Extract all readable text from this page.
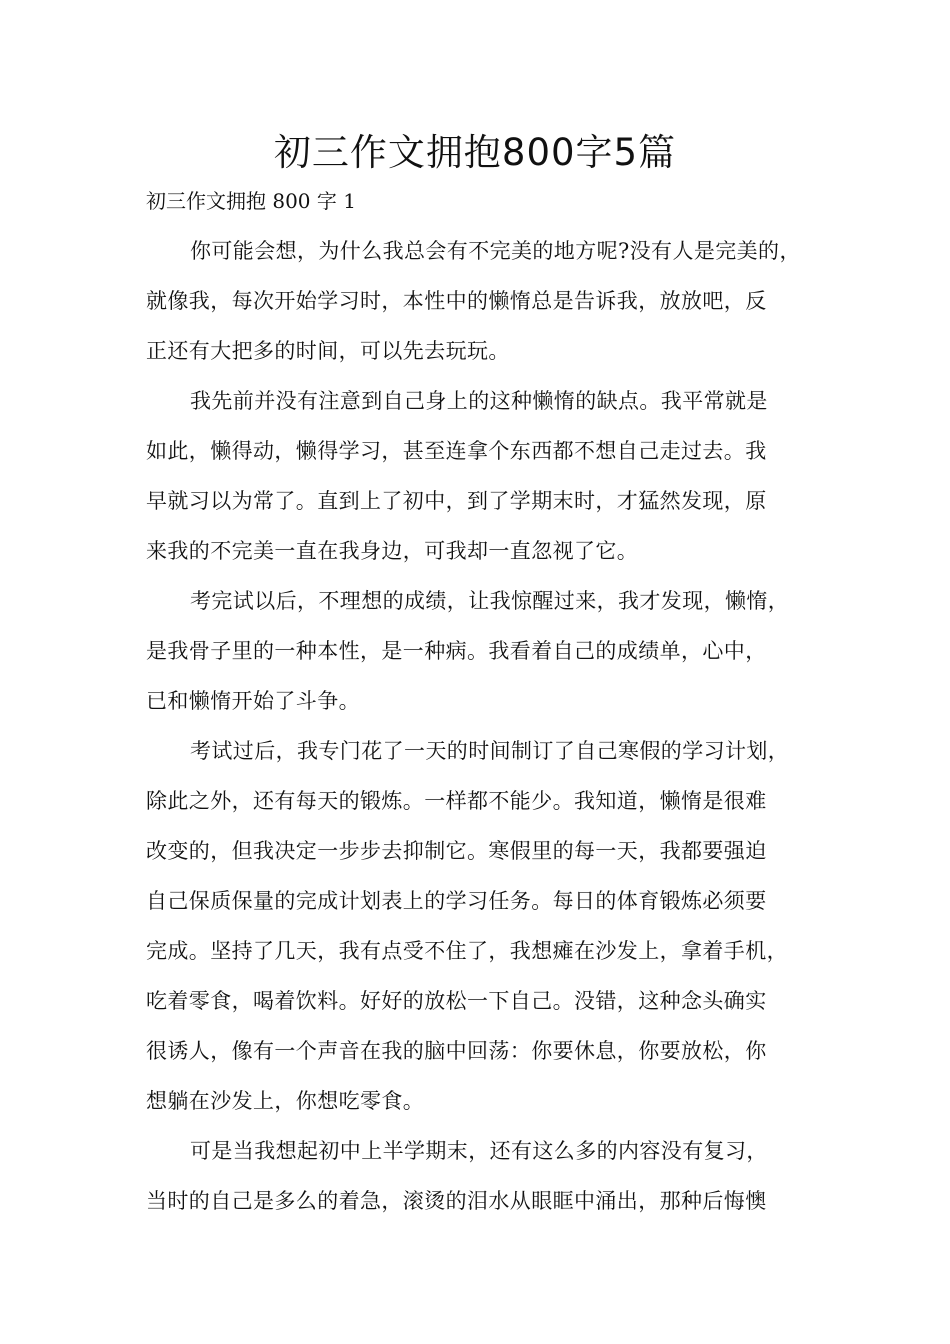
初三作文拥抱800字5篇

初三作文拥抱 800 字 1

你可能会想，为什么我总会有不完美的地方呢?没有人是完美的，
就像我，每次开始学习时，本性中的懒惰总是告诉我，放放吧，反
正还有大把多的时间，可以先去玩玩。
我先前并没有注意到自己身上的这种懒惰的缺点。我平常就是
如此，懒得动，懒得学习，甚至连拿个东西都不想自己走过去。我
早就习以为常了。直到上了初中，到了学期末时，才猛然发现，原
来我的不完美一直在我身边，可我却一直忽视了它。
考完试以后，不理想的成绩，让我惊醒过来，我才发现，懒惰，
是我骨子里的一种本性，是一种病。我看着自己的成绩单，心中，
已和懒惰开始了斗争。
考试过后，我专门花了一天的时间制订了自己寒假的学习计划，
除此之外，还有每天的锻炼。一样都不能少。我知道，懒惰是很难
改变的，但我决定一步步去抑制它。寒假里的每一天，我都要强迫
自己保质保量的完成计划表上的学习任务。每日的体育锻炼必须要
完成。坚持了几天，我有点受不住了，我想瘫在沙发上，拿着手机，
吃着零食，喝着饮料。好好的放松一下自己。没错，这种念头确实
很诱人，像有一个声音在我的脑中回荡：你要休息，你要放松，你
想躺在沙发上，你想吃零食。
可是当我想起初中上半学期末，还有这么多的内容没有复习，
当时的自己是多么的着急，滚烫的泪水从眼眶中涌出，那种后悔懊
